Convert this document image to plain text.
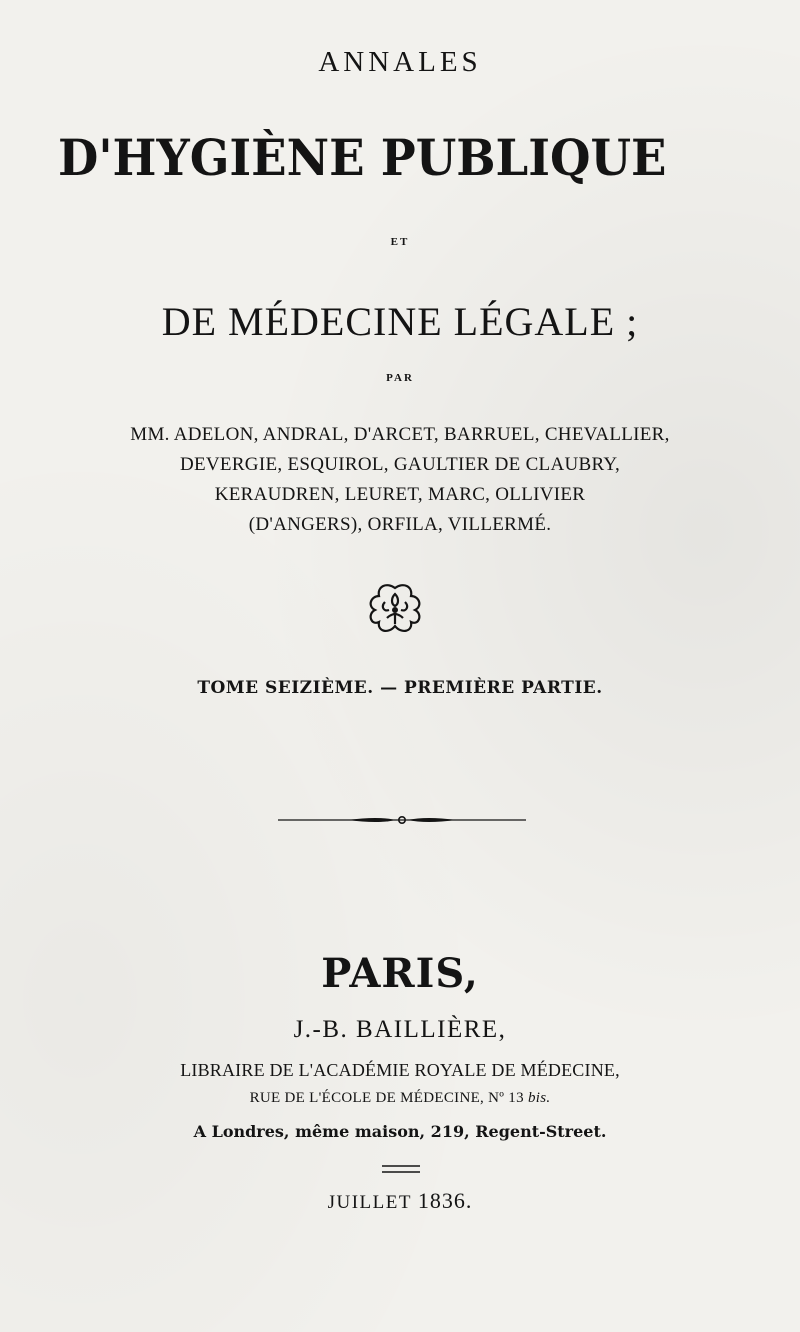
ANNALES
D'HYGIÈNE PUBLIQUE
ET
DE MÉDECINE LÉGALE ;
PAR
MM. ADELON, ANDRAL, D'ARCET, BARRUEL, CHEVALLIER,
DEVERGIE, ESQUIROL, GAULTIER DE CLAUBRY,
KERAUDREN, LEURET, MARC, OLLIVIER
(D'ANGERS), ORFILA, VILLERMÉ.
TOME SEIZIÈME. — PREMIÈRE PARTIE.
PARIS,
J.-B. BAILLIÈRE,
LIBRAIRE DE L'ACADÉMIE ROYALE DE MÉDECINE,
RUE DE L'ÉCOLE DE MÉDECINE, Nº 13 bis.
A Londres, même maison, 219, Regent-Street.
JUILLET 1836.
